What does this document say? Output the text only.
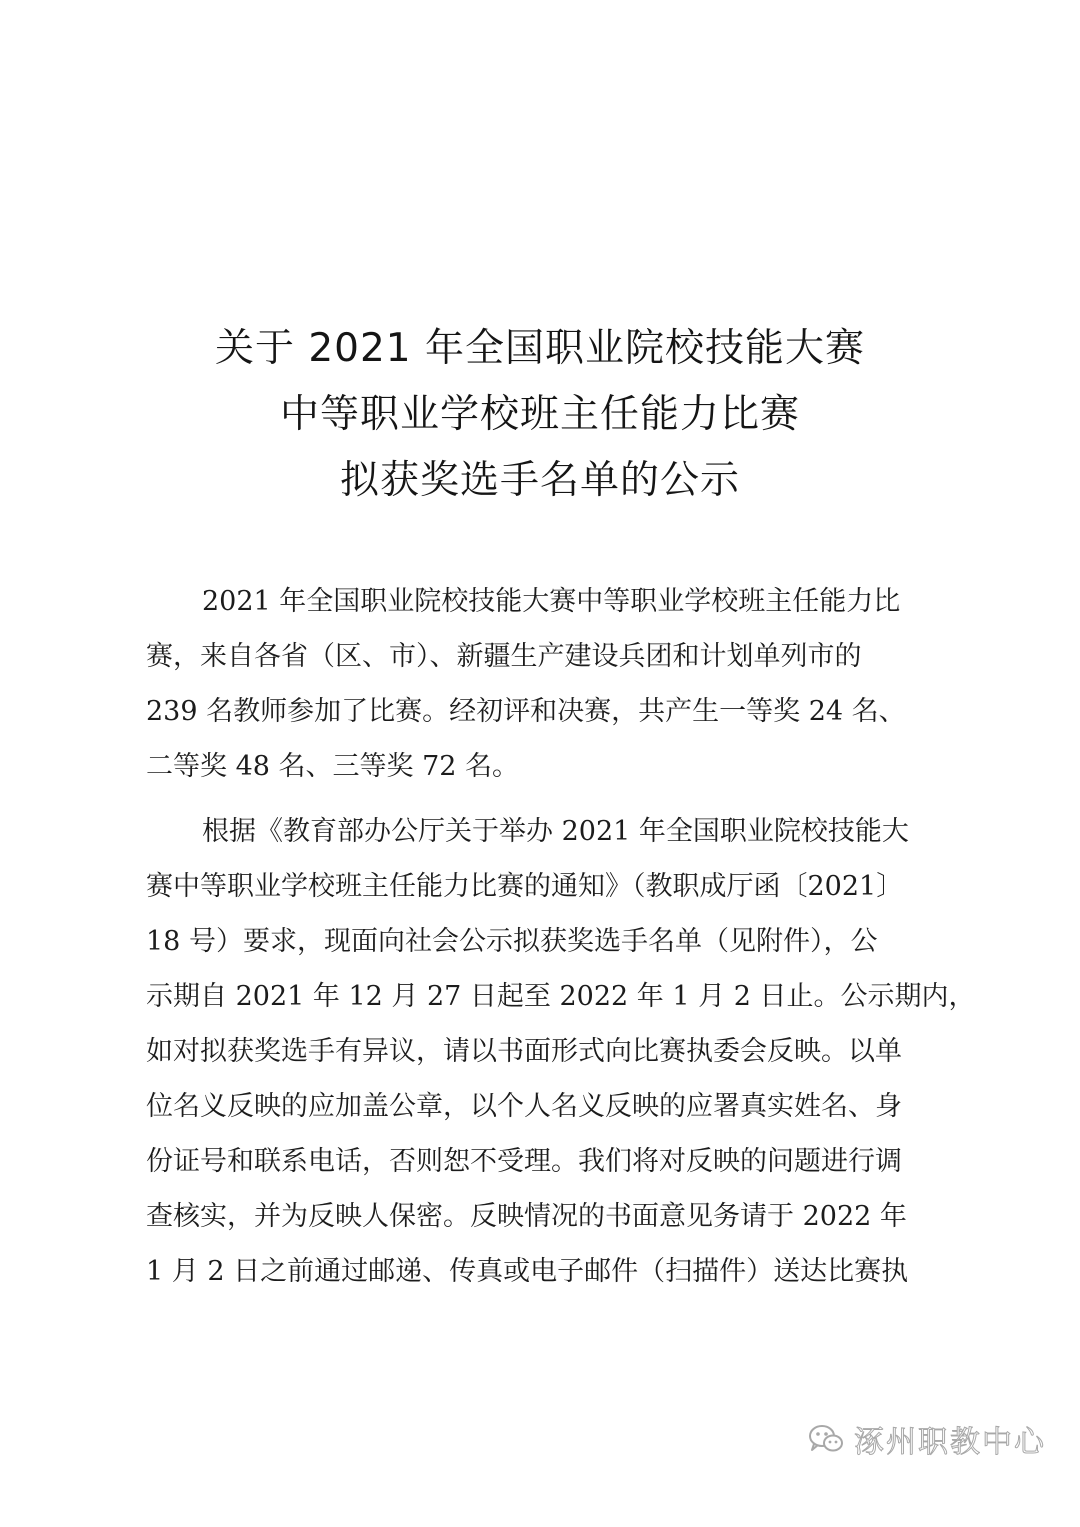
关于 2021 年全国职业院校技能大赛
中等职业学校班主任能力比赛
拟获奖选手名单的公示

2021 年全国职业院校技能大赛中等职业学校班主任能力比
赛，来自各省（区、市）、新疆生产建设兵团和计划单列市的
239 名教师参加了比赛。经初评和决赛，共产生一等奖 24 名、
二等奖 48 名、三等奖 72 名。

根据《教育部办公厅关于举办 2021 年全国职业院校技能大
赛中等职业学校班主任能力比赛的通知》（教职成厅函〔2021〕
18 号）要求，现面向社会公示拟获奖选手名单（见附件），公
示期自 2021 年 12 月 27 日起至 2022 年 1 月 2 日止。公示期内，
如对拟获奖选手有异议，请以书面形式向比赛执委会反映。以单
位名义反映的应加盖公章，以个人名义反映的应署真实姓名、身
份证号和联系电话，否则恕不受理。我们将对反映的问题进行调
查核实，并为反映人保密。反映情况的书面意见务请于 2022 年
1 月 2 日之前通过邮递、传真或电子邮件（扫描件）送达比赛执

涿州职教中心
